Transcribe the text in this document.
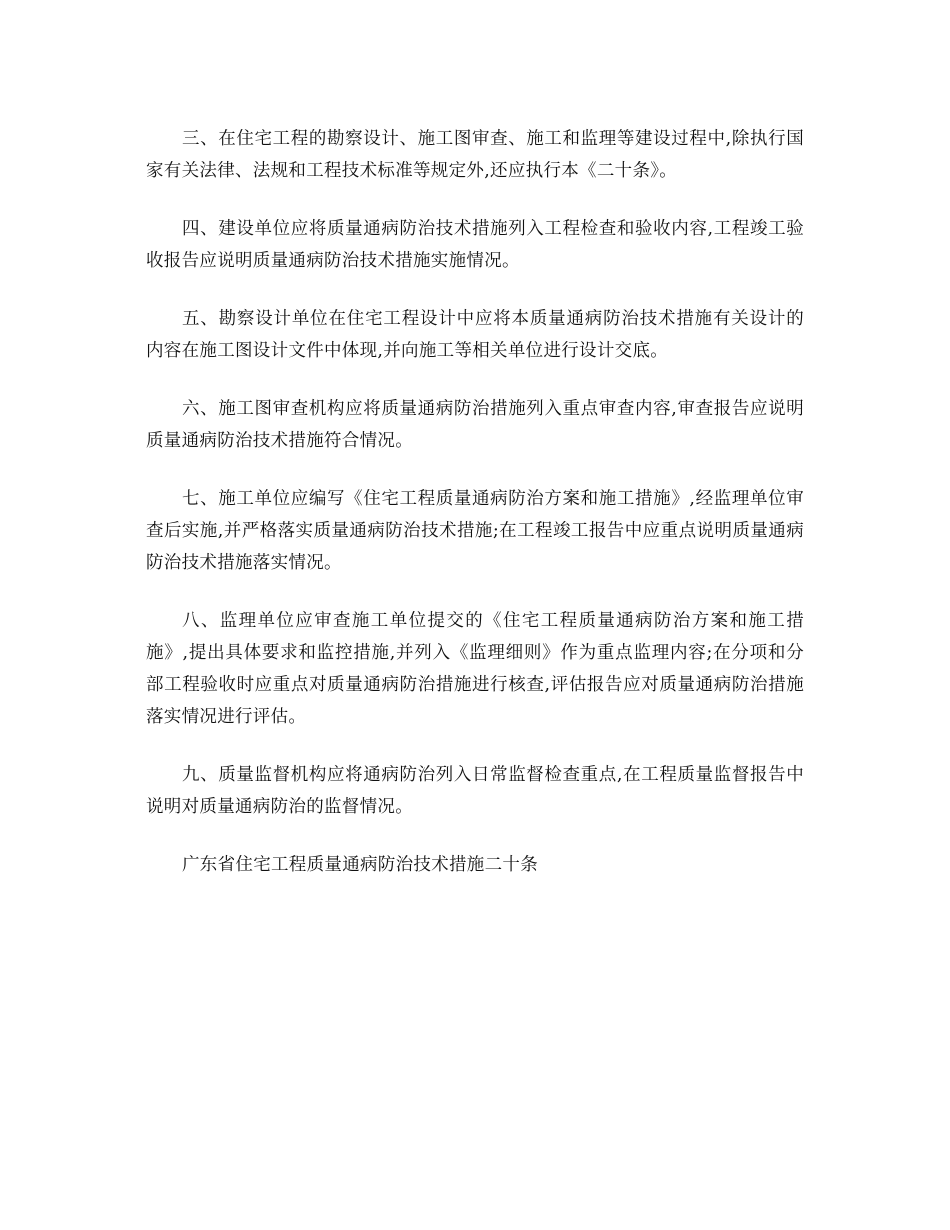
三、在住宅工程的勘察设计、施工图审查、施工和监理等建设过程中,除执行国家有关法律、法规和工程技术标准等规定外,还应执行本《二十条》。

四、建设单位应将质量通病防治技术措施列入工程检查和验收内容,工程竣工验收报告应说明质量通病防治技术措施实施情况。

五、勘察设计单位在住宅工程设计中应将本质量通病防治技术措施有关设计的内容在施工图设计文件中体现,并向施工等相关单位进行设计交底。

六、施工图审查机构应将质量通病防治措施列入重点审查内容,审查报告应说明质量通病防治技术措施符合情况。

七、施工单位应编写《住宅工程质量通病防治方案和施工措施》,经监理单位审查后实施,并严格落实质量通病防治技术措施;在工程竣工报告中应重点说明质量通病防治技术措施落实情况。

八、监理单位应审查施工单位提交的《住宅工程质量通病防治方案和施工措施》,提出具体要求和监控措施,并列入《监理细则》作为重点监理内容;在分项和分部工程验收时应重点对质量通病防治措施进行核查,评估报告应对质量通病防治措施落实情况进行评估。

九、质量监督机构应将通病防治列入日常监督检查重点,在工程质量监督报告中说明对质量通病防治的监督情况。

广东省住宅工程质量通病防治技术措施二十条
